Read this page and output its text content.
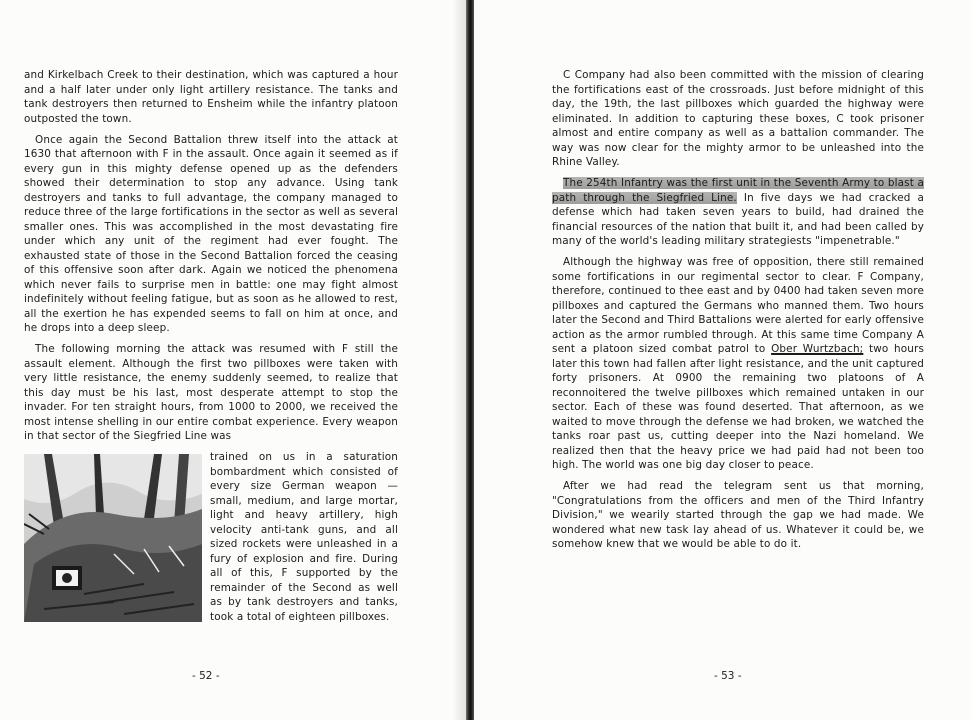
and Kirkelbach Creek to their destination, which was captured a hour and a half later under only light artillery resistance. The tanks and tank destroyers then returned to Ensheim while the infantry platoon outposted the town.

Once again the Second Battalion threw itself into the attack at 1630 that afternoon with F in the assault. Once again it seemed as if every gun in this mighty defense opened up as the defenders showed their determination to stop any advance. Using tank destroyers and tanks to full advantage, the company managed to reduce three of the large fortifications in the sector as well as several smaller ones. This was accomplished in the most devastating fire under which any unit of the regiment had ever fought. The exhausted state of those in the Second Battalion forced the ceasing of this offensive soon after dark. Again we noticed the phenomena which never fails to surprise men in battle: one may fight almost indefinitely without feeling fatigue, but as soon as he allowed to rest, all the exertion he has expended seems to fall on him at once, and he drops into a deep sleep.

The following morning the attack was resumed with F still the assault element. Although the first two pillboxes were taken with very little resistance, the enemy suddenly seemed, to realize that this day must be his last, most desperate attempt to stop the invader. For ten straight hours, from 1000 to 2000, we received the most intense shelling in our entire combat experience. Every weapon in that sector of the Siegfried Line was

trained on us in a saturation bombardment which consisted of every size German weapon — small, medium, and large mortar, light and heavy artillery, high velocity anti-tank guns, and all sized rockets were unleashed in a fury of explosion and fire. During all of this, F supported by the remainder of the Second as well as by tank destroyers and tanks, took a total of eighteen pillboxes.

- 52 -

C Company had also been committed with the mission of clearing the fortifications east of the crossroads. Just before midnight of this day, the 19th, the last pillboxes which guarded the highway were eliminated. In addition to capturing these boxes, C took prisoner almost and entire company as well as a battalion commander. The way was now clear for the mighty armor to be unleashed into the Rhine Valley.

The 254th Infantry was the first unit in the Seventh Army to blast a path through the Siegfried Line. In five days we had cracked a defense which had taken seven years to build, had drained the financial resources of the nation that built it, and had been called by many of the world's leading military strategiests "impenetrable."

Although the highway was free of opposition, there still remained some fortifications in our regimental sector to clear. F Company, therefore, continued to thee east and by 0400 had taken seven more pillboxes and captured the Germans who manned them. Two hours later the Second and Third Battalions were alerted for early offensive action as the armor rumbled through. At this same time Company A sent a platoon sized combat patrol to Ober Wurtzbach; two hours later this town had fallen after light resistance, and the unit captured forty prisoners. At 0900 the remaining two platoons of A reconnoitered the twelve pillboxes which remained untaken in our sector. Each of these was found deserted. That afternoon, as we waited to move through the defense we had broken, we watched the tanks roar past us, cutting deeper into the Nazi homeland. We realized then that the heavy price we had paid had not been too high. The world was one big day closer to peace.

After we had read the telegram sent us that morning, "Congratulations from the officers and men of the Third Infantry Division," we wearily started through the gap we had made. We wondered what new task lay ahead of us. Whatever it could be, we somehow knew that we would be able to do it.

- 53 -
